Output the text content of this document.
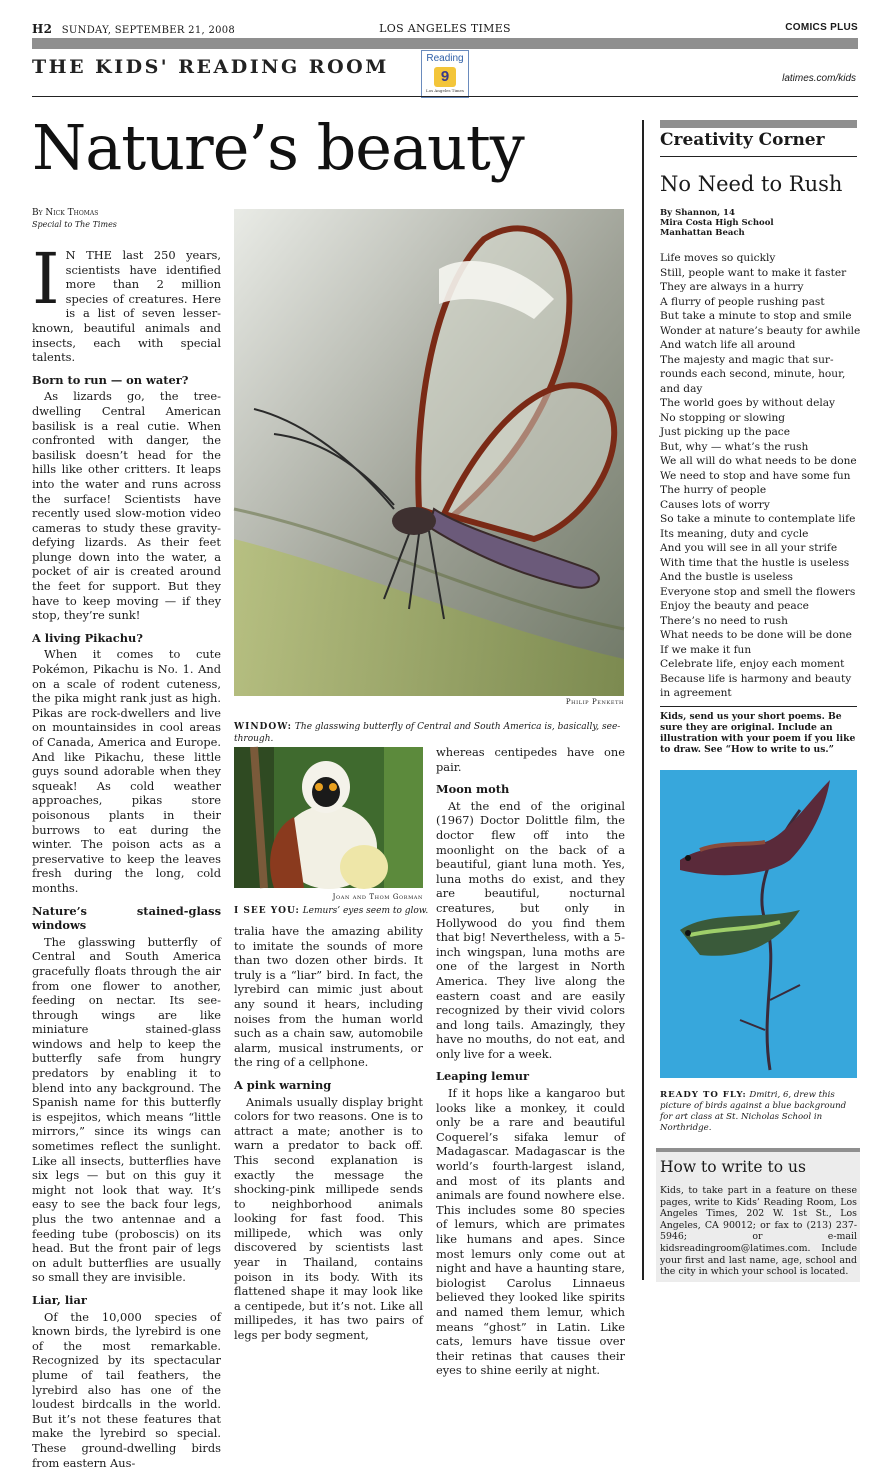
H2 SUNDAY, SEPTEMBER 21, 2008	LOS ANGELES TIMES	COMICS PLUS
THE KIDS' READING ROOM	Reading
9
Los Angeles Times
latimes.com/kids
Nature’s beauty
By Nick Thomas
Special to The Times

I N THE last 250 years, scientists have identified more than 2 million species of creatures. Here is a list of seven lesser-known, beautiful animals and insects, each with special talents.

Born to run — on water?

As lizards go, the tree-dwelling Central American basilisk is a real cutie. When confronted with danger, the basilisk doesn’t head for the hills like other critters. It leaps into the water and runs across the surface! Scientists have recently used slow-motion video cameras to study these gravity-defying lizards. As their feet plunge down into the water, a pocket of air is created around the feet for support. But they have to keep moving — if they stop, they’re sunk!

A living Pikachu?

When it comes to cute Pokémon, Pikachu is No. 1. And on a scale of rodent cuteness, the pika might rank just as high. Pikas are rock-dwellers and live on mountainsides in cool areas of Canada, America and Europe. And like Pikachu, these little guys sound adorable when they squeak! As cold weather approaches, pikas store poisonous plants in their burrows to eat during the winter. The poison acts as a preservative to keep the leaves fresh during the long, cold months.

Nature’s stained-glass windows

The glasswing butterfly of Central and South America gracefully floats through the air from one flower to another, feeding on nectar. Its see-through wings are like miniature stained-glass windows and help to keep the butterfly safe from hungry predators by enabling it to blend into any background. The Spanish name for this butterfly is espejitos, which means “little mirrors,” since its wings can sometimes reflect the sunlight. Like all insects, butterflies have six legs — but on this guy it might not look that way. It’s easy to see the back four legs, plus the two antennae and a feeding tube (proboscis) on its head. But the front pair of legs on adult butterflies are usually so small they are invisible.

Liar, liar

Of the 10,000 species of known birds, the lyrebird is one of the most remarkable. Recognized by its spectacular plume of tail feathers, the lyrebird also has one of the loudest birdcalls in the world. But it’s not these features that make the lyrebird so special. These ground-dwelling birds from eastern Aus-

Philip Penketh
WINDOW: The glasswing butterfly of Central and South America is, basically, see-through.
Joan and Thom Gorman
I SEE YOU: Lemurs’ eyes seem to glow.

tralia have the amazing ability to imitate the sounds of more than two dozen other birds. It truly is a “liar” bird. In fact, the lyrebird can mimic just about any sound it hears, including noises from the human world such as a chain saw, automobile alarm, musical instruments, or the ring of a cellphone.

A pink warning

Animals usually display bright colors for two reasons. One is to attract a mate; another is to warn a predator to back off. This second explanation is exactly the message the shocking-pink millipede sends to neighborhood animals looking for fast food. This millipede, which was only discovered by scientists last year in Thailand, contains poison in its body. With its flattened shape it may look like a centipede, but it’s not. Like all millipedes, it has two pairs of legs per body segment,

whereas centipedes have one pair.

Moon moth

At the end of the original (1967) Doctor Dolittle film, the doctor flew off into the moonlight on the back of a beautiful, giant luna moth. Yes, luna moths do exist, and they are beautiful, nocturnal creatures, but only in Hollywood do you find them that big! Nevertheless, with a 5-inch wingspan, luna moths are one of the largest in North America. They live along the eastern coast and are easily recognized by their vivid colors and long tails. Amazingly, they have no mouths, do not eat, and only live for a week.

Leaping lemur

If it hops like a kangaroo but looks like a monkey, it could only be a rare and beautiful Coquerel’s sifaka lemur of Madagascar. Madagascar is the world’s fourth-largest island, and most of its plants and animals are found nowhere else. This includes some 80 species of lemurs, which are primates like humans and apes. Since most lemurs only come out at night and have a haunting stare, biologist Carolus Linnaeus believed they looked like spirits and named them lemur, which means “ghost” in Latin. Like cats, lemurs have tissue over their retinas that causes their eyes to shine eerily at night.

Creativity Corner
No Need to Rush
By Shannon, 14
Mira Costa High School
Manhattan Beach
Life moves so quickly
Still, people want to make it faster
They are always in a hurry
A flurry of people rushing past
But take a minute to stop and smile
Wonder at nature’s beauty for awhile
And watch life all around
The majesty and magic that sur-
rounds each second, minute, hour,
and day
The world goes by without delay
No stopping or slowing
Just picking up the pace
But, why — what’s the rush
We all will do what needs to be done
We need to stop and have some fun
The hurry of people
Causes lots of worry
So take a minute to contemplate life
Its meaning, duty and cycle
And you will see in all your strife
With time that the hustle is useless
And the bustle is useless
Everyone stop and smell the flowers
Enjoy the beauty and peace
There’s no need to rush
What needs to be done will be done
If we make it fun
Celebrate life, enjoy each moment
Because life is harmony and beauty
in agreement
Kids, send us your short poems. Be sure they are original. Include an illustration with your poem if you like to draw. See “How to write to us.”
READY TO FLY: Dmitri, 6, drew this picture of birds against a blue background for art class at St. Nicholas School in Northridge.
How to write to us
Kids, to take part in a feature on these pages, write to Kids’ Reading Room, Los Angeles Times, 202 W. 1st St., Los Angeles, CA 90012; or fax to (213) 237-5946; or e-mail kidsreadingroom@latimes.com. Include your first and last name, age, school and the city in which your school is located.
